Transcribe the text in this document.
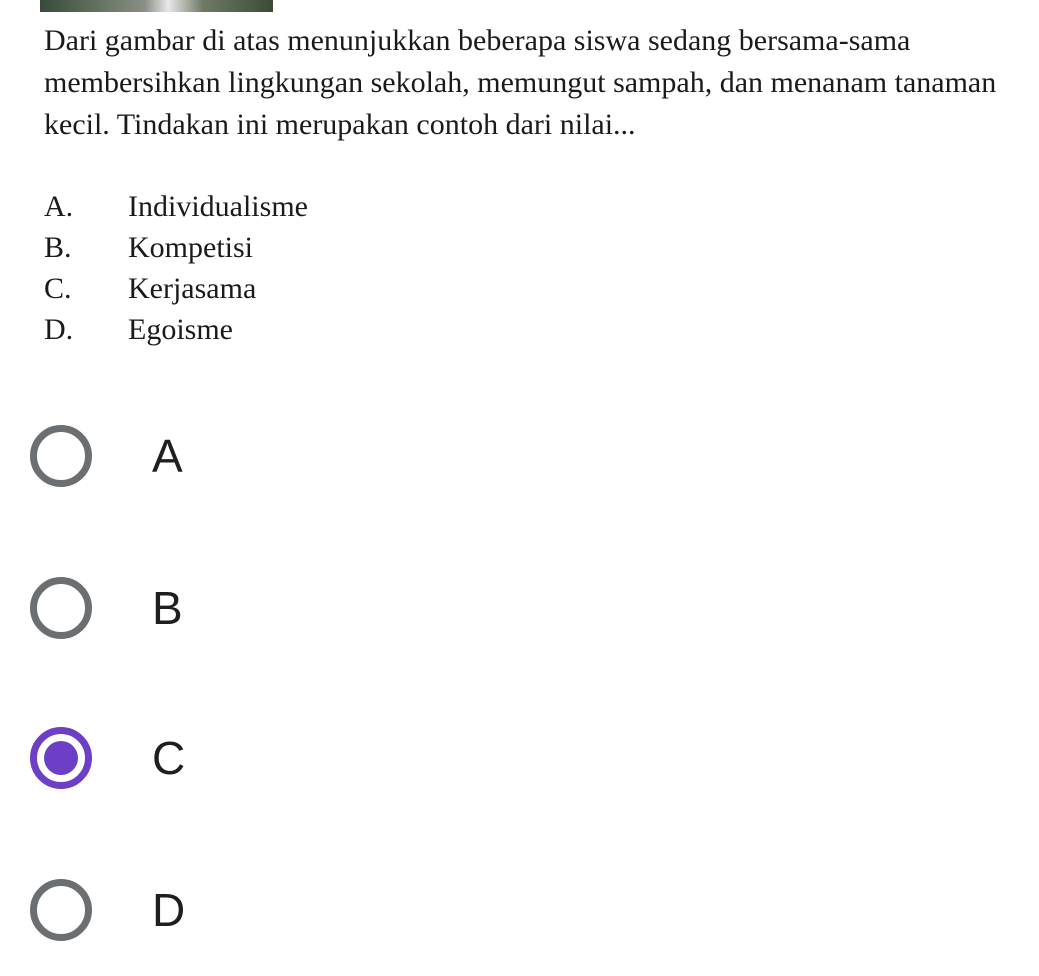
Dari gambar di atas menunjukkan beberapa siswa sedang bersama-sama membersihkan lingkungan sekolah, memungut sampah, dan menanam tanaman kecil. Tindakan ini merupakan contoh dari nilai...

A.	Individualisme
B.	Kompetisi
C.	Kerjasama
D.	Egoisme
A
B
C
D
